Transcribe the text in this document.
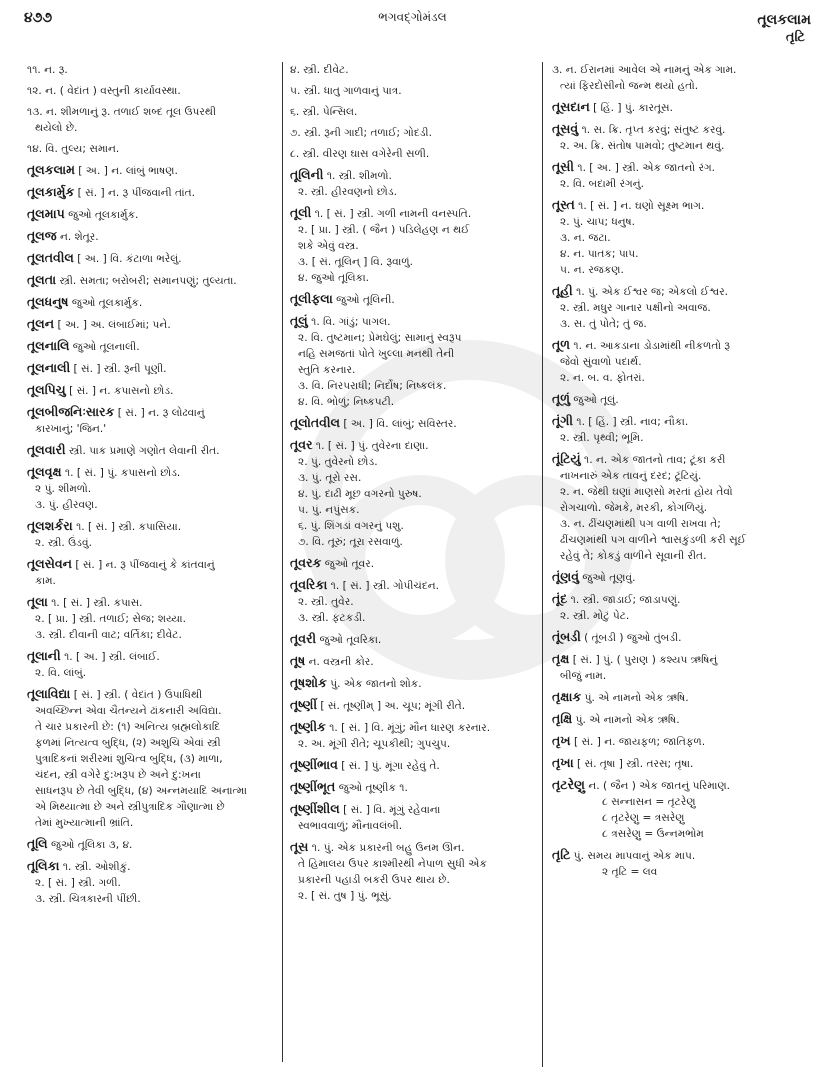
૪૭૭	ભગવદ્ગોમંડલ	તૂલકલામ
તૃટિ
૧૧. ન. રૂ.
૧૨. ન. ( વેદાંત ) વસ્તુની કાર્યાવસ્થા.
૧૩. ન. શીમળાનું રૂ. તળાઈ શબ્દ તૂલ ઉપરથી
થયેલો છે.
૧૪. વિ. તુલ્ય; સમાન.
તૂલકલામ [ અ. ] ન. લાંબું ભાષણ.
તૂલકાર્મુક [ સં. ] ન. રૂ પીંજવાની તાંત.
તૂલમાપ જુઓ તૂલકાર્મુક.
તૂલજ ન. શેતૂર.
તૂલતવીલ [ અ. ] વિ. કંટાળા ભરેલું.
તૂલતા સ્ત્રી. સમતા; બરોબરી; સમાનપણું; તુલ્યતા.
તૂલધનુષ જુઓ તૂલકાર્મુક.
તૂલન [ અ. ] અ. લંબાઈમાં; પને.
તૂલનાલિ જુઓ તૂલનાલી.
તૂલનાલી [ સં. ] સ્ત્રી. રૂની પૂણી.
તૂલપિચુ [ સં. ] ન. કપાસનો છોડ.
તૂલબીજનિઃસારક [ સં. ] ન. રૂ લોઢવાનું
કારખાનું; 'જિન.'
તૂલવારી સ્ત્રી. પાક પ્રમાણે ગણોત લેવાની રીત.
તૂલવૃક્ષ ૧. [ સં. ] પું. કપાસનો છોડ.
૨ પું. શીમળો.
૩. પું. હીરવણ.
તૂલશર્કરા ૧. [ સં. ] સ્ત્રી. કપાસિયા.
૨. સ્ત્રી. ઉંડવું.
તૂલસેવન [ સં. ] ન. રૂ પીંજવાનું કે કાંતવાનું
કામ.
તૂલા ૧. [ સં. ] સ્ત્રી. કપાસ.
૨. [ પ્રા. ] સ્ત્રી. તળાઈ; સેજ; શય્યા.
૩. સ્ત્રી. દીવાની વાટ; વર્તિકા; દીવેટ.
તૂલાની ૧. [ અ. ] સ્ત્રી. લંબાઈ.
૨. વિ. લાંબું.
તૂલાવિદ્યા [ સં. ] સ્ત્રી. ( વેદાંત ) ઉપાધિથી
અવચ્છિન્ન એવા ચૈતન્યને ઢાંકનારી અવિદ્યા.
તે ચાર પ્રકારની છે: (૧) અનિત્ય બ્રહ્મલોકાદિ
ફળમાં નિત્યત્વ બુદ્ધિ, (૨) અશુચિ એવાં સ્ત્રી
પુત્રાદિકનાં શરીરમાં શુચિત્વ બુદ્ધિ, (૩) માળા,
ચંદન, સ્ત્રી વગેરે દુ:ખરૂપ છે અને દુ:ખના
સાધનરૂપ છે તેવી બુદ્ધિ, (૪) અન્નમયાદિ અનાત્મા
એ મિથ્યાત્મા છે અને સ્ત્રીપુત્રાદિક ગૌણાત્મા છે
તેમાં મુખ્યાત્માની ભ્રાંતિ.
તૂલિ જુઓ તૂલિકા ૩, ૪.
તૂલિકા ૧. સ્ત્રી. ઓશીકું.
૨. [ સં. ] સ્ત્રી. ગળી.
૩. સ્ત્રી. ચિત્રકારની પીંછી.
૪. સ્ત્રી. દીવેટ.
૫. સ્ત્રી. ધાતુ ગાળવાનું પાત્ર.
૬. સ્ત્રી. પેન્સિલ.
૭. સ્ત્રી. રૂની ગાદી; તળાઈ; ગોદડી.
૮. સ્ત્રી. વીરણ ઘાસ વગેરેની સળી.
તૂલિની ૧. સ્ત્રી. શીમળો.
૨. સ્ત્રી. હીરવણનો છોડ.
તૂલી ૧. [ સં. ] સ્ત્રી. ગળી નામની વનસ્પતિ.
૨. [ પ્રા. ] સ્ત્રી. ( જૈન ) પડિલેહણ ન થઈ
શકે એવું વસ્ત્ર.
૩. [ સં. તૂલિન્ ] વિ. રૂવાળું.
૪. જુઓ તૂલિકા.
તૂલીફલા જુઓ તૂલિની.
તૂલું ૧. વિ. ગાંડું; પાગલ.
૨. વિ. તુષ્ટમાન; પ્રેમઘેલું; સામાનું સ્વરૂપ
નહિ સમજતાં પોતે ખુલ્લા મનથી તેની
સ્તુતિ કરનાર.
૩. વિ. નિરપરાધી; નિર્દોષ; નિષ્કલંક.
૪. વિ. ભોળું; નિષ્કપટી.
તૂલોતવીલ [ અ. ] વિ. લાંબું; સવિસ્તર.
તૂવર ૧. [ સં. ] પું. તુવેરના દાણા.
૨. પું. તુવેરનો છોડ.
૩. પું. તૂરો રસ.
૪. પું. દાઢી મૂછ વગરનો પુરુષ.
૫. પું. નપુંસક.
૬. પું. શિંગડાં વગરનું પશુ.
૭. વિ. તૂરું; તૂરા રસવાળું.
તૂવરક જુઓ તૂવર.
તૂવરિકા ૧. [ સં. ] સ્ત્રી. ગોપીચંદન.
૨. સ્ત્રી. તુવેર.
૩. સ્ત્રી. ફટકડી.
તૂવરી જુઓ તૂવરિકા.
તૂષ ન. વસ્ત્રની કોર.
તૂષશોક પું. એક જાતનો શોક.
તૂષ્ણીં [ સં. તૂષ્ણીમ્ ] અ. ચૂપ; મૂંગી રીતે.
તૂષ્ણીક ૧. [ સં. ] વિ. મૂંગું; મૌન ધારણ કરનાર.
૨. અ. મૂંગી રીતે; ચૂપકીથી; ગુપચુપ.
તૂષ્ણીંભાવ [ સં. ] પું. મૂંગા રહેવું તે.
તૂષ્ણીંભૂત જુઓ તૂષ્ણીક ૧.
તૂષ્ણીંશીલ [ સં. ] વિ. મૂંગું રહેવાના
સ્વભાવવાળું; મૌનાવલંબી.
તૂસ ૧. પું. એક પ્રકારની બહુ ઉનમ ઊન.
તે હિમાલય ઉપર કાશ્મીરથી નેપાળ સુધી એક
પ્રકારની પહાડી બકરી ઉપર થાય છે.
૨. [ સં. તુષ ] પું. ભૂસું.
૩. ન. ઈરાનમાં આવેલ એ નામનું એક ગામ.
ત્યાં ફિરદોસીનો જન્મ થયો હતો.
તૂસદાન [ હિં. ] પું. કારતૂસ.
તૂસવું ૧. સ. ક્રિ. તૃપ્ત કરવું; સંતુષ્ટ કરવું.
૨. અ. ક્રિ. સંતોષ પામવો; તુષ્ટમાન થવું.
તૂસી ૧. [ અ. ] સ્ત્રી. એક જાતનો રંગ.
૨. વિ. બદામી રંગનું.
તૂસ્ત ૧. [ સં. ] ન. ઘણો સૂક્ષ્મ ભાગ.
૨. પું. ચાપ; ધનુષ.
૩. ન. જટા.
૪. ન. પાતક; પાપ.
૫. ન. રજકણ.
તૂહી ૧. પું. એક ઈશ્વર જ; એકલો ઈશ્વર.
૨. સ્ત્રી. મધુર ગાનાર પક્ષીનો અવાજ.
૩. સ. તું પોતે; તું જ.
તૂળ ૧. ન. આકડાના ડોડામાંથી નીકળતો રૂ
જેવો સુંવાળો પદાર્થ.
૨. ન. બ. વ. ફોતરાં.
તૂળું જુઓ તૂલું.
તૂંગી ૧. [ હિં. ] સ્ત્રી. નાવ; નૌકા.
૨. સ્ત્રી. પૃથ્વી; ભૂમિ.
તૂંટિયું ૧. ન. એક જાતનો તાવ; ટૂંકા કરી
નાખનારું એક તાવનું દરદ; ટૂંટિયું.
૨. ન. જેથી ઘણાં માણસો મરતાં હોય તેવો
રોગચાળો. જેમકે, મરકી, કોગળિયું.
૩. ન. ઢીંચણમાંથી પગ વાળી રાખવા તે;
ઢીંચણમાંથી પગ વાળીને શ્વાસકુંડળી કરી સૂઈ
રહેવું તે; કોકડું વાળીને સૂવાની રીત.
તૂંણવું જુઓ તૂણવું.
તૂંદ ૧. સ્ત્રી. જાડાઈ; જાડાપણું.
૨. સ્ત્રી. મોટું પેટ.
તૂંબડી ( તૂંબડી ) જુઓ તુંબડી.
તૃક્ષ [ સં. ] પું. ( પુરાણ ) કશ્યપ ઋષિનું
બીજું નામ.
તૃક્ષાક પું. એ નામનો એક ઋષિ.
તૃક્ષિ પું. એ નામનો એક ઋષિ.
તૃખ [ સં. ] ન. જાયફળ; જાતિફળ.
તૃખા [ સં. તૃષા ] સ્ત્રી. તરસ; તૃષા.
તૃટરેણુ ન. ( જૈન ) એક જાતનું પરિમાણ.
૮ સન્નાસન = તૃટરેણુ
૮ તૃટરેણુ = ત્રસરેણુ
૮ ત્રસરેણુ = ઉન્નમભોમ
તૃટિ પું. સમય માપવાનું એક માપ.
૨ તૃટિ = લવ
